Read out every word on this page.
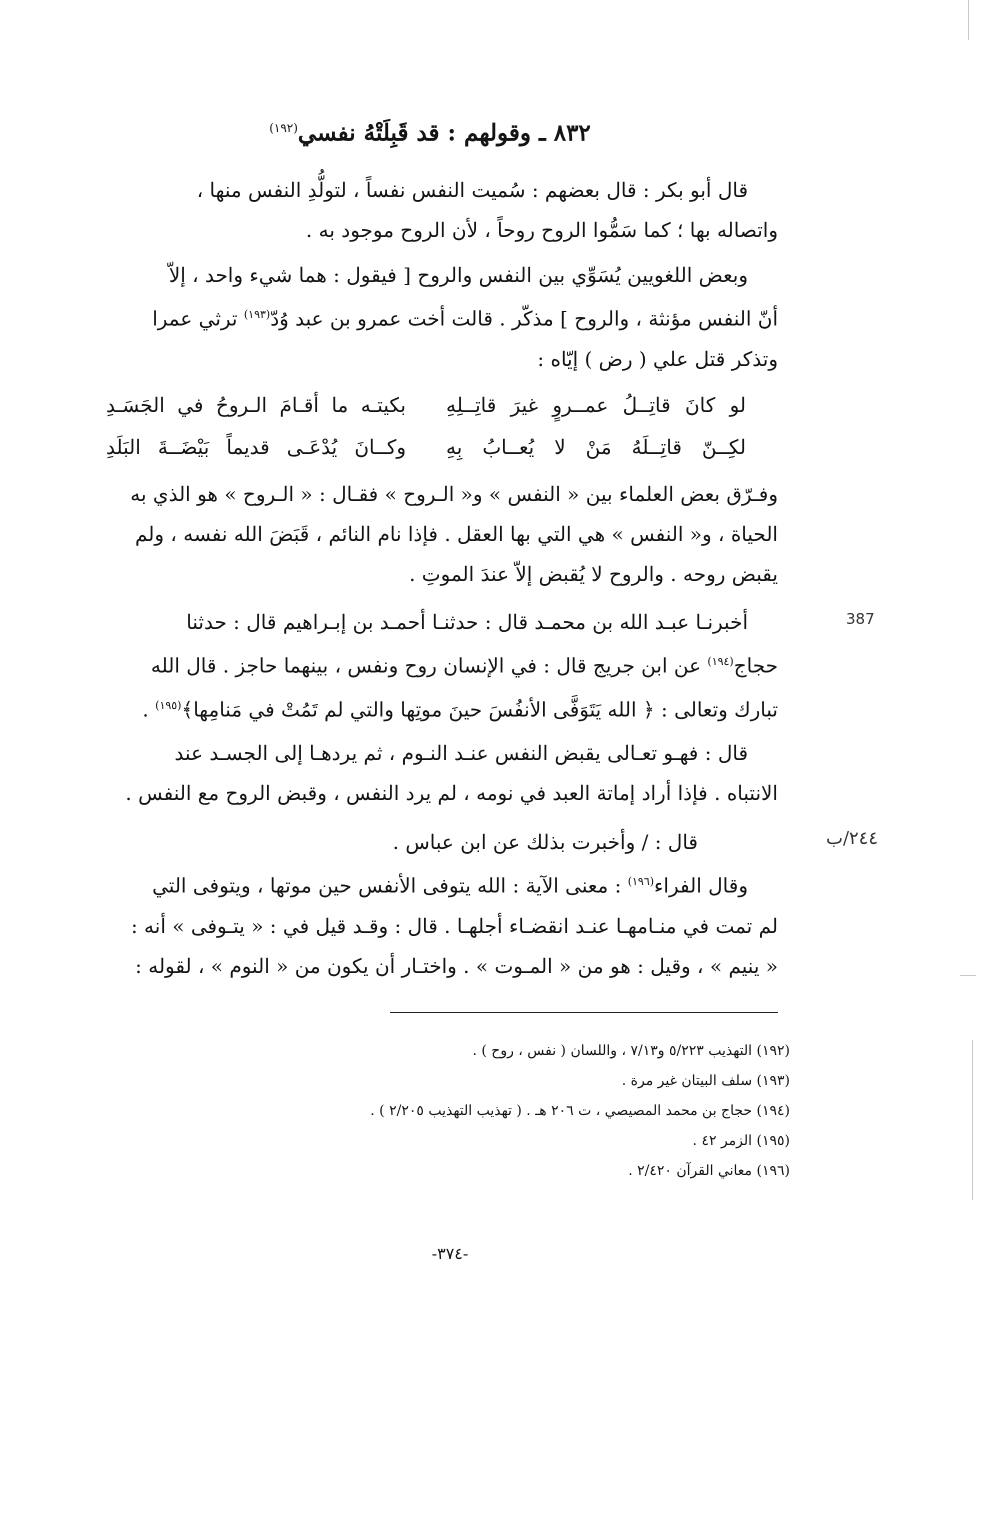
٨٣٢ ـ وقولهم : قد قَبِلَتْهُ نفسي$^{(١٩٢)}$

قال أبو بكر : قال بعضهم : سُميت النفس نفساً ، لتولُّدِ النفس منها ،

واتصاله بها ؛ كما سَمُّوا الروح روحاً ، لأن الروح موجود به .

وبعض اللغويين يُسَوِّي بين النفس والروح [ فيقول : هما شيء واحد ، إلاّ

أنّ النفس مؤنثة ، والروح ] مذكّر . قالت أخت عمرو بن عبد وُدّ$^{(١٩٣)}$ ترثي عمرا

وتذكر قتل علي ( رض ) إيّاه :

لو كانَ قاتِــلُ عمــروٍ غيرَ قاتِــلِهِ
بكيتـه ما أقـامَ الـروحُ في الجَسَـدِ
لكِــنّ قاتِــلَهُ مَنْ لا يُعــابُ بِهِ
وكــانَ يُدْعَـى قديماً بَيْضَــةَ البَلَدِ

وفـرّق بعض العلماء بين « النفس » و« الـروح » فقـال : « الـروح » هو الذي به

الحياة ، و« النفس » هي التي بها العقل . فإذا نام النائم ، قَبَضَ الله نفسه ، ولم

يقبض روحه . والروح لا يُقبض إلاّ عندَ الموتِ .

أخبرنـا عبـد الله بن محمـد قال : حدثنـا أحمـد بن إبـراهيم قال : حدثنا

حجاج$^{(١٩٤)}$ عن ابن جريج قال : في الإنسان روح ونفس ، بينهما حاجز . قال الله

تبارك وتعالى : ﴿ الله يَتَوَفَّى الأنفُسَ حينَ موتِها والتي لم تَمُتْ في مَنامِها﴾$^{(١٩٥)}$ .

قال : فهـو تعـالى يقبض النفس عنـد النـوم ، ثم يردهـا إلى الجسـد عند

الانتباه . فإذا أراد إماتة العبد في نومه ، لم يرد النفس ، وقبض الروح مع النفس .

قال : / وأخبرت بذلك عن ابن عباس .

وقال الفراء$^{(١٩٦)}$ : معنى الآية : الله يتوفى الأنفس حين موتها ، ويتوفى التي

لم تمت في منـامهـا عنـد انقضـاء أجلهـا . قال : وقـد قيل في : « يتـوفى » أنه :

« ينيم » ، وقيل : هو من « المـوت » . واختـار أن يكون من « النوم » ، لقوله :

387
٢٤٤/ب

(١٩٢) التهذيب ٥/٢٢٣ و٧/١٣ ، واللسان ( نفس ، روح ) .

(١٩٣) سلف البيتان غير مرة .

(١٩٤) حجاج بن محمد المصيصي ، ت ٢٠٦ هـ . ( تهذيب التهذيب ٢/٢٠٥ ) .

(١٩٥) الزمر ٤٢ .

(١٩٦) معاني القرآن ٢/٤٢٠ .

-٣٧٤-
